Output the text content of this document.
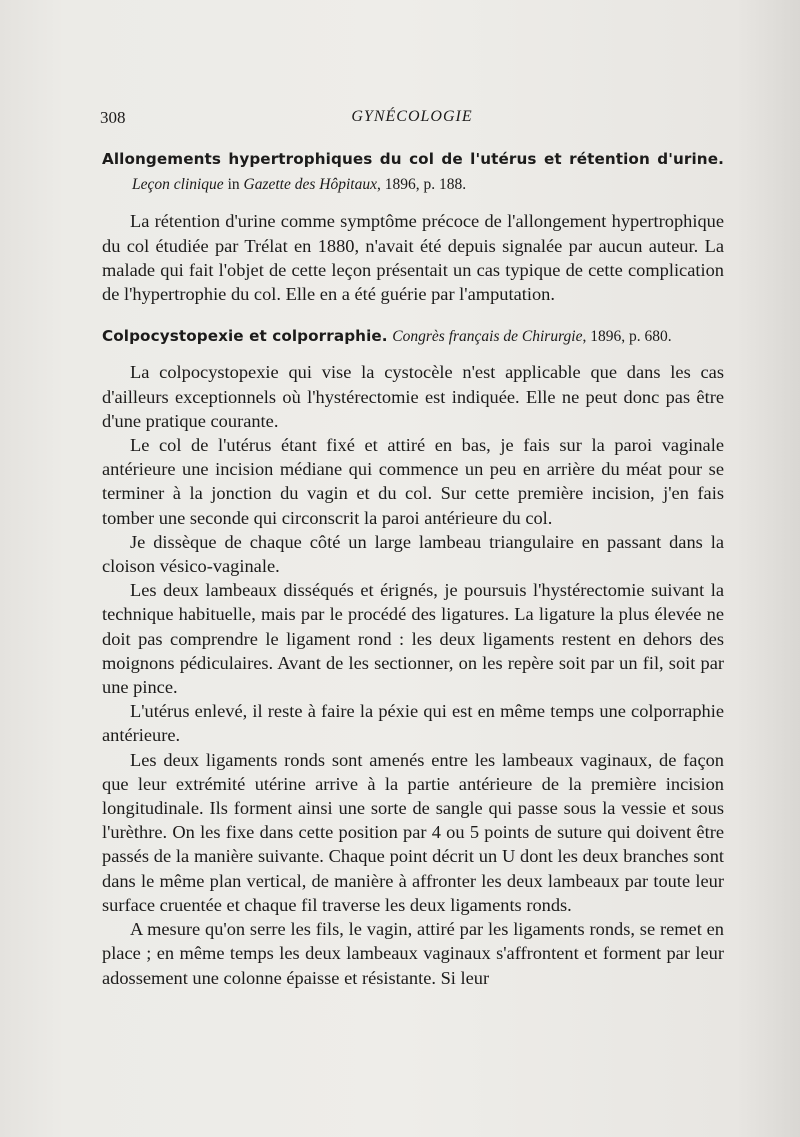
308	GYNÉCOLOGIE

Allongements hypertrophiques du col de l'utérus et rétention d'urine. Leçon clinique in Gazette des Hôpitaux, 1896, p. 188.

La rétention d'urine comme symptôme précoce de l'allongement hypertrophique du col étudiée par Trélat en 1880, n'avait été depuis signalée par aucun auteur. La malade qui fait l'objet de cette leçon présentait un cas typique de cette complication de l'hypertrophie du col. Elle en a été guérie par l'amputation.

Colpocystopexie et colporraphie. Congrès français de Chirurgie, 1896, p. 680.

La colpocystopexie qui vise la cystocèle n'est applicable que dans les cas d'ailleurs exceptionnels où l'hystérectomie est indiquée. Elle ne peut donc pas être d'une pratique courante.

Le col de l'utérus étant fixé et attiré en bas, je fais sur la paroi vaginale antérieure une incision médiane qui commence un peu en arrière du méat pour se terminer à la jonction du vagin et du col. Sur cette première incision, j'en fais tomber une seconde qui circonscrit la paroi antérieure du col.

Je dissèque de chaque côté un large lambeau triangulaire en passant dans la cloison vésico-vaginale.

Les deux lambeaux disséqués et érignés, je poursuis l'hystérectomie suivant la technique habituelle, mais par le procédé des ligatures. La ligature la plus élevée ne doit pas comprendre le ligament rond : les deux ligaments restent en dehors des moignons pédiculaires. Avant de les sectionner, on les repère soit par un fil, soit par une pince.

L'utérus enlevé, il reste à faire la péxie qui est en même temps une colporraphie antérieure.

Les deux ligaments ronds sont amenés entre les lambeaux vaginaux, de façon que leur extrémité utérine arrive à la partie antérieure de la première incision longitudinale. Ils forment ainsi une sorte de sangle qui passe sous la vessie et sous l'urèthre. On les fixe dans cette position par 4 ou 5 points de suture qui doivent être passés de la manière suivante. Chaque point décrit un U dont les deux branches sont dans le même plan vertical, de manière à affronter les deux lambeaux par toute leur surface cruentée et chaque fil traverse les deux ligaments ronds.

A mesure qu'on serre les fils, le vagin, attiré par les ligaments ronds, se remet en place ; en même temps les deux lambeaux vaginaux s'affrontent et forment par leur adossement une colonne épaisse et résistante. Si leur
